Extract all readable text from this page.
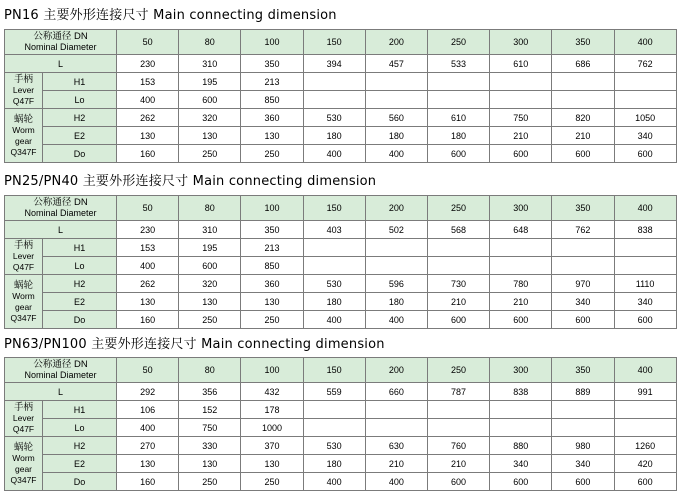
PN16 主要外形连接尺寸 Main connecting dimension
公称通径 DN
Nominal Diameter		50	80	100	150	200	250	300	350	400
L		230	310	350	394	457	533	610	686	762

手柄
Lever Q47F	H1	153	195	213						
	Lo	400	600	850						

蜗轮
Worm gear
Q347F	H2	262	320	360	530	560	610	750	820	1050
	E2	130	130	130	180	180	180	210	210	340
	Do	160	250	250	400	400	600	600	600	600
PN25/PN40 主要外形连接尺寸 Main connecting dimension
公称通径 DN
Nominal Diameter		50	80	100	150	200	250	300	350	400
L		230	310	350	403	502	568	648	762	838

手柄
Lever Q47F	H1	153	195	213						
	Lo	400	600	850						

蜗轮
Worm gear
Q347F	H2	262	320	360	530	596	730	780	970	1110
	E2	130	130	130	180	180	210	210	340	340
	Do	160	250	250	400	400	600	600	600	600
PN63/PN100 主要外形连接尺寸 Main connecting dimension
公称通径 DN
Nominal Diameter		50	80	100	150	200	250	300	350	400
L		292	356	432	559	660	787	838	889	991

手柄
Lever Q47F	H1	106	152	178						
	Lo	400	750	1000						

蜗轮
Worm gear
Q347F	H2	270	330	370	530	630	760	880	980	1260
	E2	130	130	130	180	210	210	340	340	420
	Do	160	250	250	400	400	600	600	600	600
